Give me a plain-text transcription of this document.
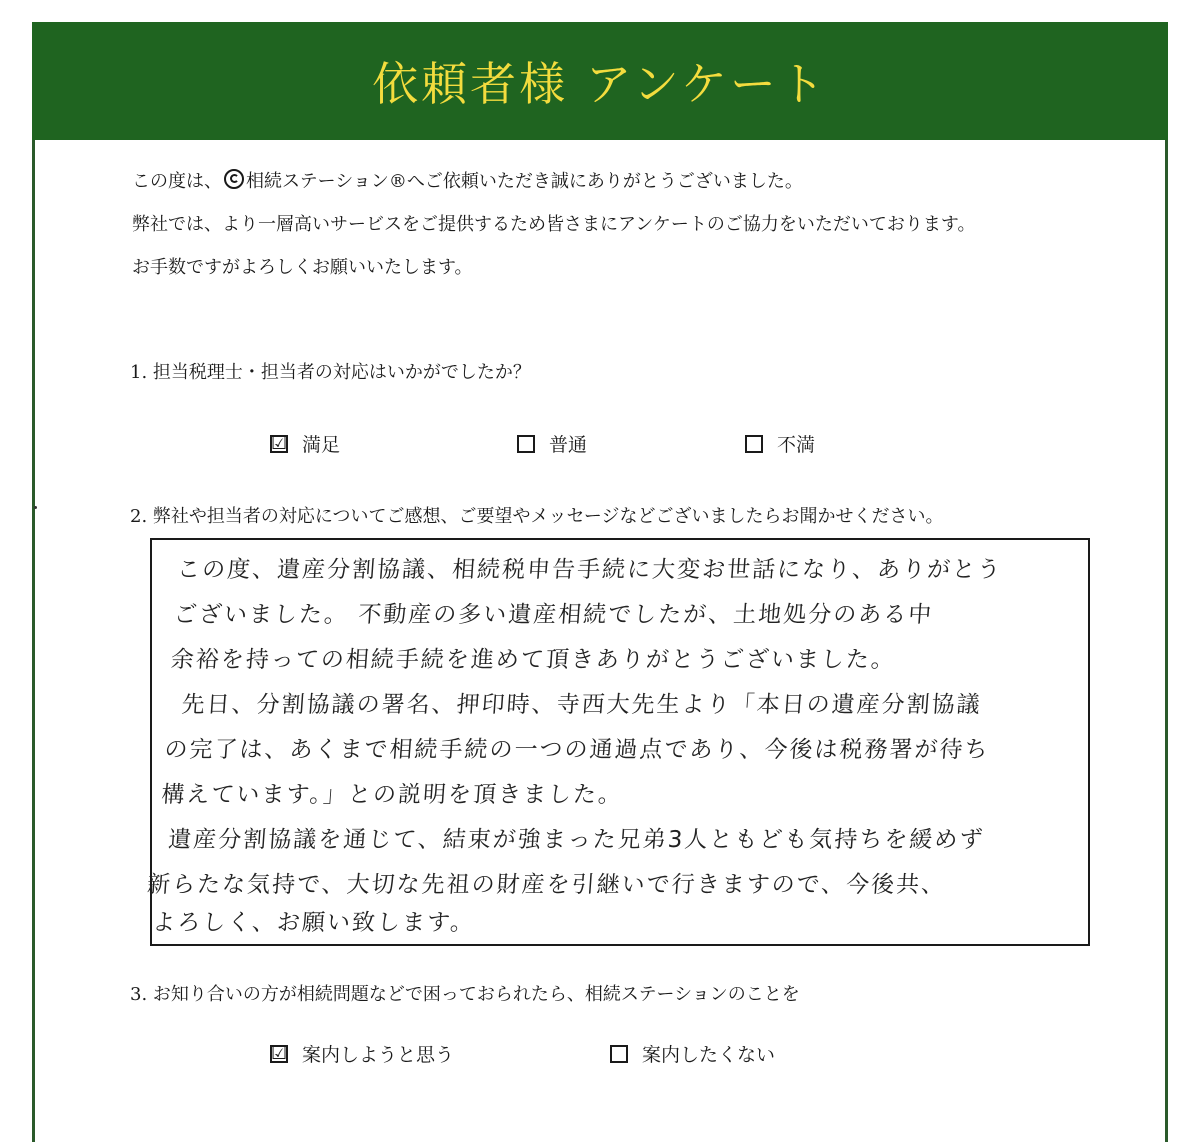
依頼者様 アンケート

この度は、 相続ステーション®へご依頼いただき誠にありがとうございました。

弊社では、より一層高いサービスをご提供するため皆さまにアンケートのご協力をいただいております。

お手数ですがよろしくお願いいたします。

1. 担当税理士・担当者の対応はいかがでしたか？
☑ 満足	普通	不満
2. 弊社や担当者の対応についてご感想、ご要望やメッセージなどございましたらお聞かせください。
この度、遺産分割協議、相続税申告手続に大変お世話になり、ありがとう
ございました。 不動産の多い遺産相続でしたが、土地処分のある中
余裕を持っての相続手続を進めて頂きありがとうございました。
先日、分割協議の署名、押印時、寺西大先生より「本日の遺産分割協議
の完了は、あくまで相続手続の一つの通過点であり、今後は税務署が待ち
構えています。」との説明を頂きました。
遺産分割協議を通じて、結束が強まった兄弟3人ともども気持ちを緩めず
新らたな気持で、大切な先祖の財産を引継いで行きますので、今後共、
よろしく、お願い致します。
3. お知り合いの方が相続問題などで困っておられたら、相続ステーションのことを
☑ 案内しようと思う	案内したくない
